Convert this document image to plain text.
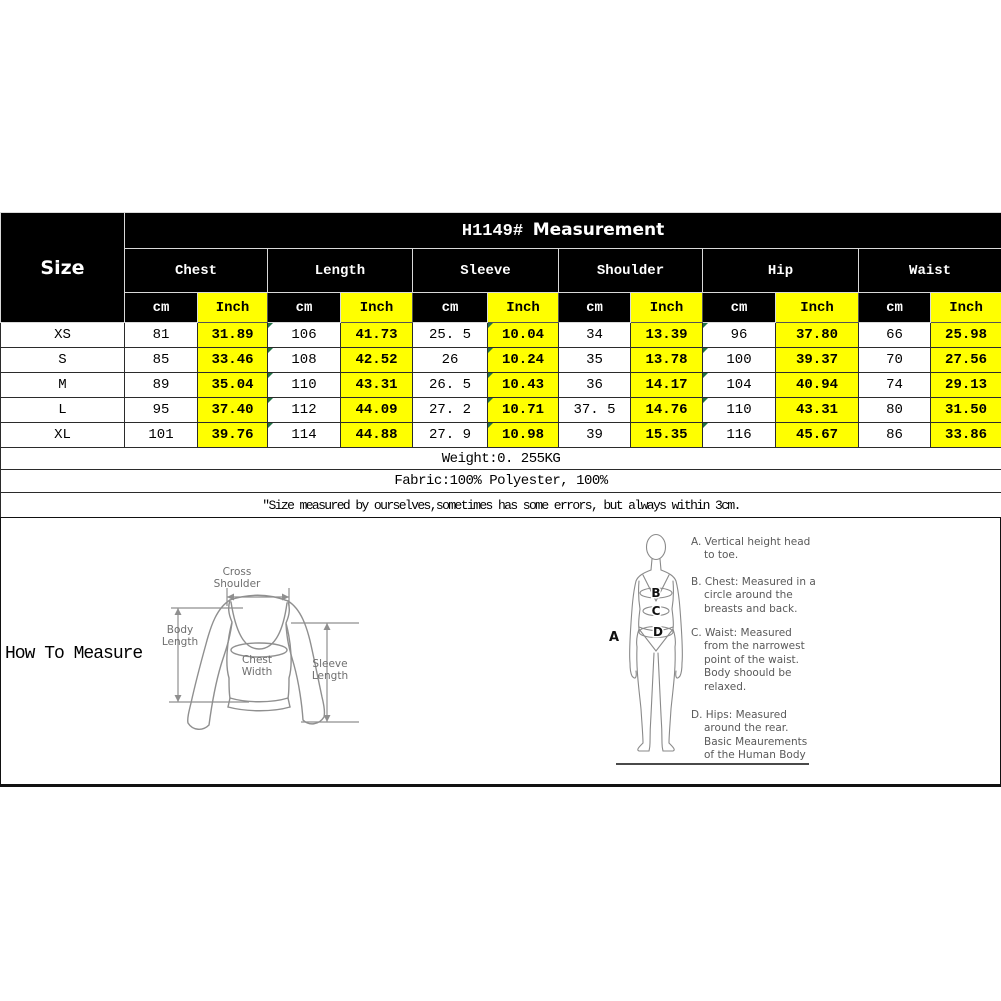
Size	H1149# Measurement											
	Chest		Length		Sleeve		Shoulder		Hip		Waist	
	cm	Inch	cm	Inch	cm	Inch	cm	Inch	cm	Inch	cm	Inch
XS	81	31.89	106	41.73	25. 5	10.04	34	13.39	96	37.80	66	25.98
S	85	33.46	108	42.52	26	10.24	35	13.78	100	39.37	70	27.56
M	89	35.04	110	43.31	26. 5	10.43	36	14.17	104	40.94	74	29.13
L	95	37.40	112	44.09	27. 2	10.71	37. 5	14.76	110	43.31	80	31.50
XL	101	39.76	114	44.88	27. 9	10.98	39	15.35	116	45.67	86	33.86
Weight:0. 255KG												
Fabric:100% Polyester, 100%												
″Size measured by ourselves,sometimes has some errors, but always within 3cm.												
How To Measure
Cross Shoulder
Body Length
Chest Width
Sleeve Length
A
B
C
D
A. Vertical height head
to toe.
B. Chest: Measured in a
circle around the
breasts and back.
C. Waist: Measured
from the narrowest
point of the waist.
Body shoould be
relaxed.
D. Hips: Measured
around the rear.
Basic Meaurements
of the Human Body
